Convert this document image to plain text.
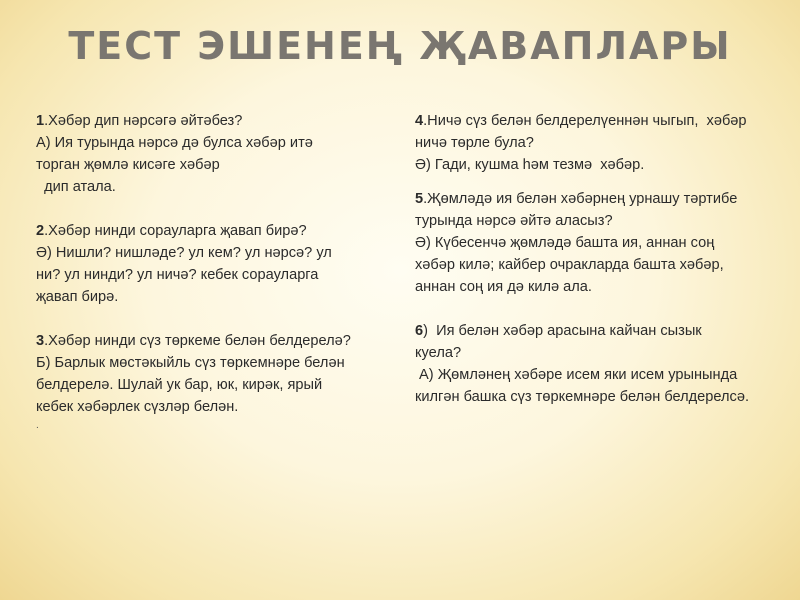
ТЕСТ ЭШЕНЕҢ ҖАВАПЛАРЫ
1.Хәбәр дип нәрсәгә әйтәбез?
А) Ия турында нәрсә дә булса хәбәр итә
торган җөмлә кисәге хәбәр
дип атала.
2.Хәбәр нинди сорауларга җавап бирә?
Ә) Нишли? нишләде? ул кем? ул нәрсә? ул
ни? ул нинди? ул ничә? кебек сорауларга
җавап бирә.
3.Хәбәр нинди сүз төркеме белән белдерелә?
Б) Барлык мөстәкыйль сүз төркемнәре белән
белдерелә. Шулай ук бар, юк, кирәк, ярый
кебек хәбәрлек сүзләр белән.
.
4.Ничә сүз белән белдерелүеннән чыгып,  хәбәр
ничә төрле була?
Ә) Гади, кушма һәм тезмә  хәбәр.
5.Җөмләдә ия белән хәбәрнең урнашу тәртибе
турында нәрсә әйтә аласыз?
Ә) Күбесенчә җөмләдә башта ия, аннан соң
хәбәр килә; кайбер очракларда башта хәбәр,
аннан соң ия дә килә ала.
6)  Ия белән хәбәр арасына кайчан сызык
куела?
А) Җөмләнең хәбәре исем яки исем урынында
килгән башка сүз төркемнәре белән белдерелсә.
